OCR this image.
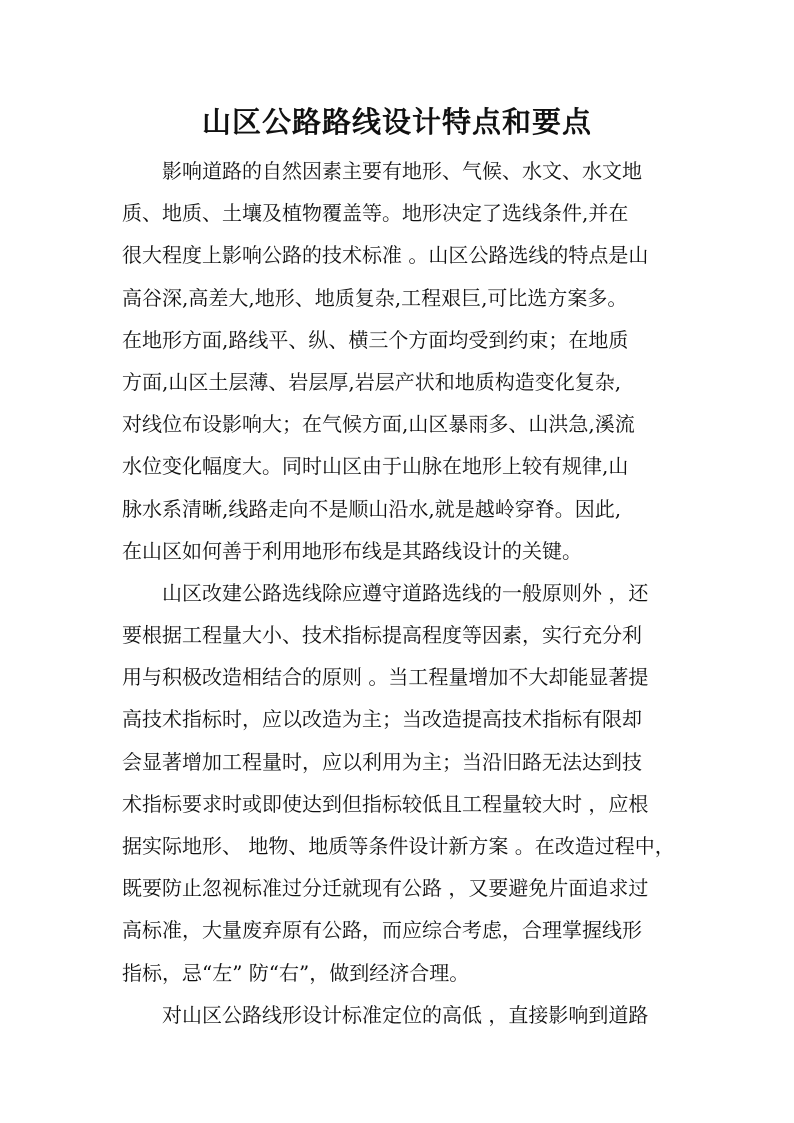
山区公路路线设计特点和要点
影响道路的自然因素主要有地形、气候、水文、水文地
质、地质、土壤及植物覆盖等。地形决定了选线条件,并在
很大程度上影响公路的技术标准 。山区公路选线的特点是山
高谷深,高差大,地形、地质复杂,工程艰巨,可比选方案多。
在地形方面,路线平、纵、横三个方面均受到约束；在地质
方面,山区土层薄、岩层厚,岩层产状和地质构造变化复杂,
对线位布设影响大；在气候方面,山区暴雨多、山洪急,溪流
水位变化幅度大。同时山区由于山脉在地形上较有规律,山
脉水系清晰,线路走向不是顺山沿水,就是越岭穿脊。因此,
在山区如何善于利用地形布线是其路线设计的关键。
山区改建公路选线除应遵守道路选线的一般原则外 ，还
要根据工程量大小、技术指标提高程度等因素，实行充分利
用与积极改造相结合的原则 。当工程量增加不大却能显著提
高技术指标时，应以改造为主；当改造提高技术指标有限却
会显著增加工程量时，应以利用为主；当沿旧路无法达到技
术指标要求时或即使达到但指标较低且工程量较大时 ，应根
据实际地形、 地物、地质等条件设计新方案 。在改造过程中，
既要防止忽视标准过分迁就现有公路 ，又要避免片面追求过
高标准，大量废弃原有公路，而应综合考虑，合理掌握线形
指标，忌“左” 防“右”，做到经济合理。
对山区公路线形设计标准定位的高低 ，直接影响到道路
